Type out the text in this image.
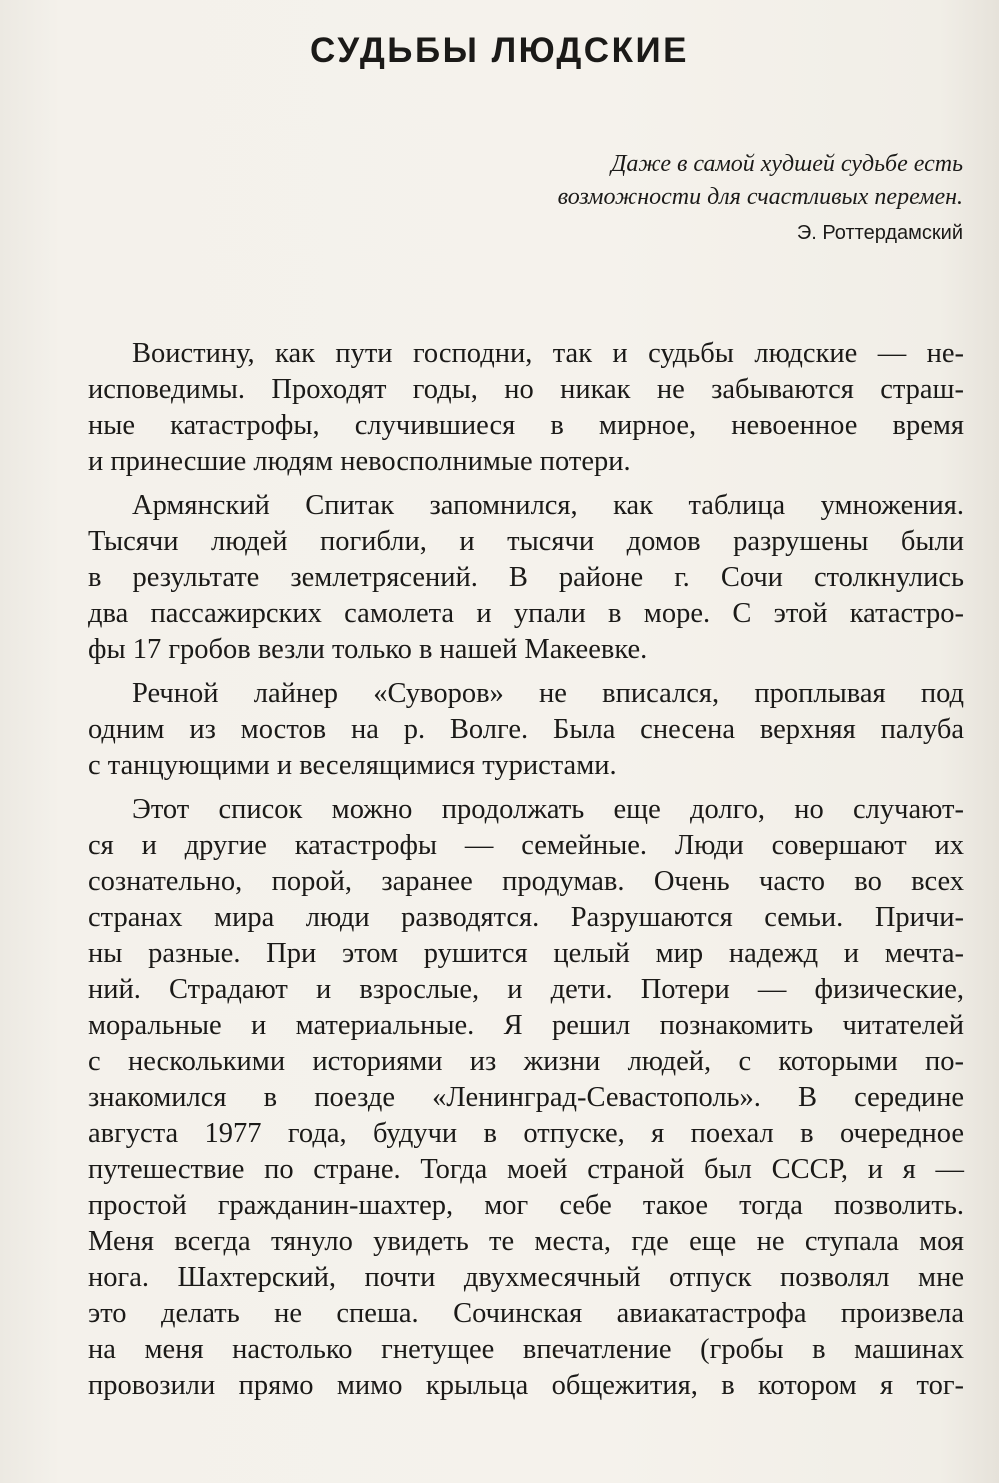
СУДЬБЫ ЛЮДСКИЕ
Даже в самой худшей судьбе есть
возможности для счастливых перемен.
Э. Роттердамский
Воистину, как пути господни, так и судьбы людские — не-
исповедимы. Проходят годы, но никак не забываются страш-
ные катастрофы, случившиеся в мирное, невоенное время
и принесшие людям невосполнимые потери.
Армянский Спитак запомнился, как таблица умножения.
Тысячи людей погибли, и тысячи домов разрушены были
в результате землетрясений. В районе г. Сочи столкнулись
два пассажирских самолета и упали в море. С этой катастро-
фы 17 гробов везли только в нашей Макеевке.
Речной лайнер «Суворов» не вписался, проплывая под
одним из мостов на р. Волге. Была снесена верхняя палуба
с танцующими и веселящимися туристами.
Этот список можно продолжать еще долго, но случают-
ся и другие катастрофы — семейные. Люди совершают их
сознательно, порой, заранее продумав. Очень часто во всех
странах мира люди разводятся. Разрушаются семьи. Причи-
ны разные. При этом рушится целый мир надежд и мечта-
ний. Страдают и взрослые, и дети. Потери — физические,
моральные и материальные. Я решил познакомить читателей
с несколькими историями из жизни людей, с которыми по-
знакомился в поезде «Ленинград-Севастополь». В середине
августа 1977 года, будучи в отпуске, я поехал в очередное
путешествие по стране. Тогда моей страной был СССР, и я —
простой гражданин-шахтер, мог себе такое тогда позволить.
Меня всегда тянуло увидеть те места, где еще не ступала моя
нога. Шахтерский, почти двухмесячный отпуск позволял мне
это делать не спеша. Сочинская авиакатастрофа произвела
на меня настолько гнетущее впечатление (гробы в машинах
провозили прямо мимо крыльца общежития, в котором я тог-
